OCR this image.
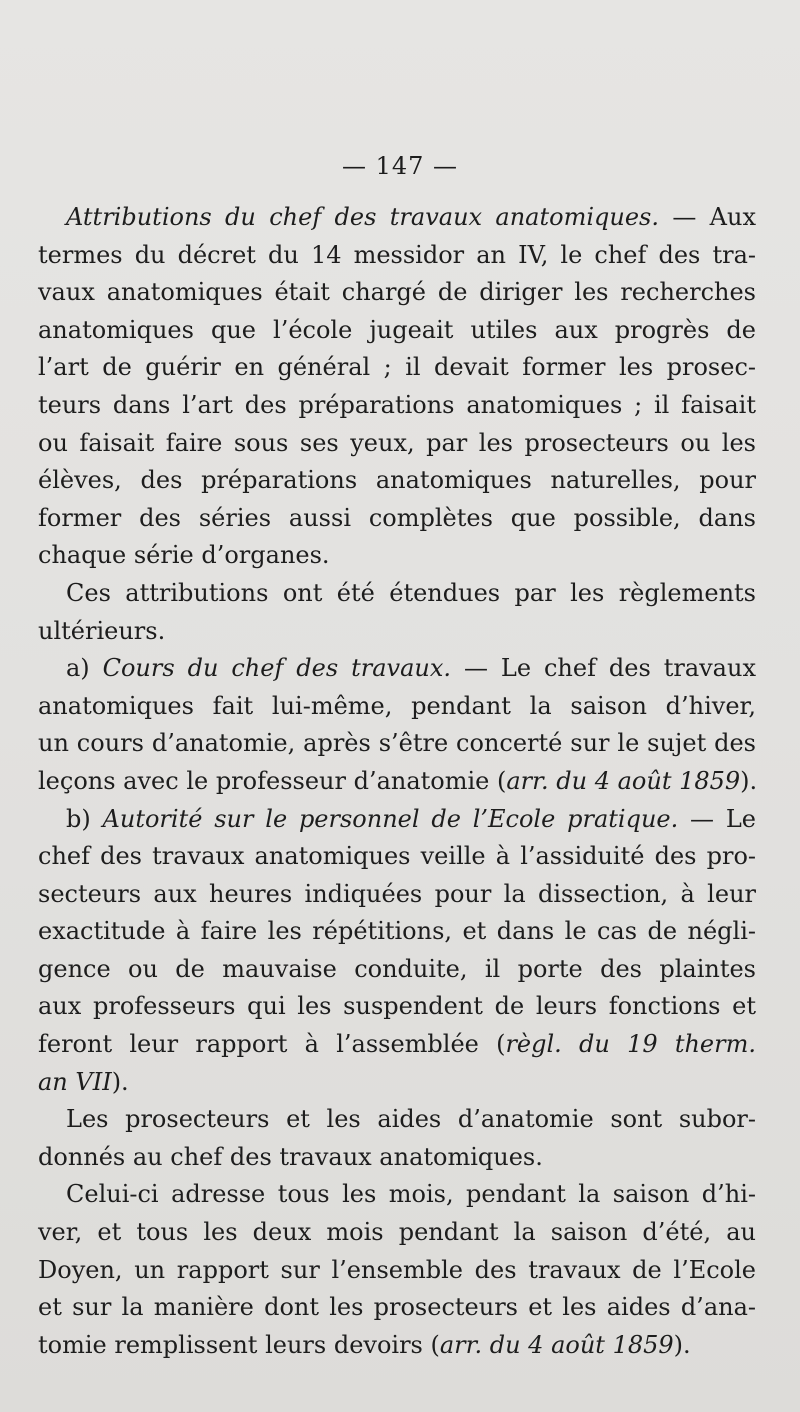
— 147 —
Attributions du chef des travaux anatomiques. — Aux
termes du décret du 14 messidor an IV, le chef des tra-
vaux anatomiques était chargé de diriger les recherches
anatomiques que l’école jugeait utiles aux progrès de
l’art de guérir en général ; il devait former les prosec-
teurs dans l’art des préparations anatomiques ; il faisait
ou faisait faire sous ses yeux, par les prosecteurs ou les
élèves, des préparations anatomiques naturelles, pour
former des séries aussi complètes que possible, dans
chaque série d’organes.
Ces attributions ont été étendues par les règlements
ultérieurs.
a) Cours du chef des travaux. — Le chef des travaux
anatomiques fait lui-même, pendant la saison d’hiver,
un cours d’anatomie, après s’être concerté sur le sujet des
leçons avec le professeur d’anatomie (arr. du 4 août 1859).
b) Autorité sur le personnel de l’Ecole pratique. — Le
chef des travaux anatomiques veille à l’assiduité des pro-
secteurs aux heures indiquées pour la dissection, à leur
exactitude à faire les répétitions, et dans le cas de négli-
gence ou de mauvaise conduite, il porte des plaintes
aux professeurs qui les suspendent de leurs fonctions et
feront leur rapport à l’assemblée (règl. du 19 therm.
an VII).
Les prosecteurs et les aides d’anatomie sont subor-
donnés au chef des travaux anatomiques.
Celui-ci adresse tous les mois, pendant la saison d’hi-
ver, et tous les deux mois pendant la saison d’été, au
Doyen, un rapport sur l’ensemble des travaux de l’Ecole
et sur la manière dont les prosecteurs et les aides d’ana-
tomie remplissent leurs devoirs (arr. du 4 août 1859).
